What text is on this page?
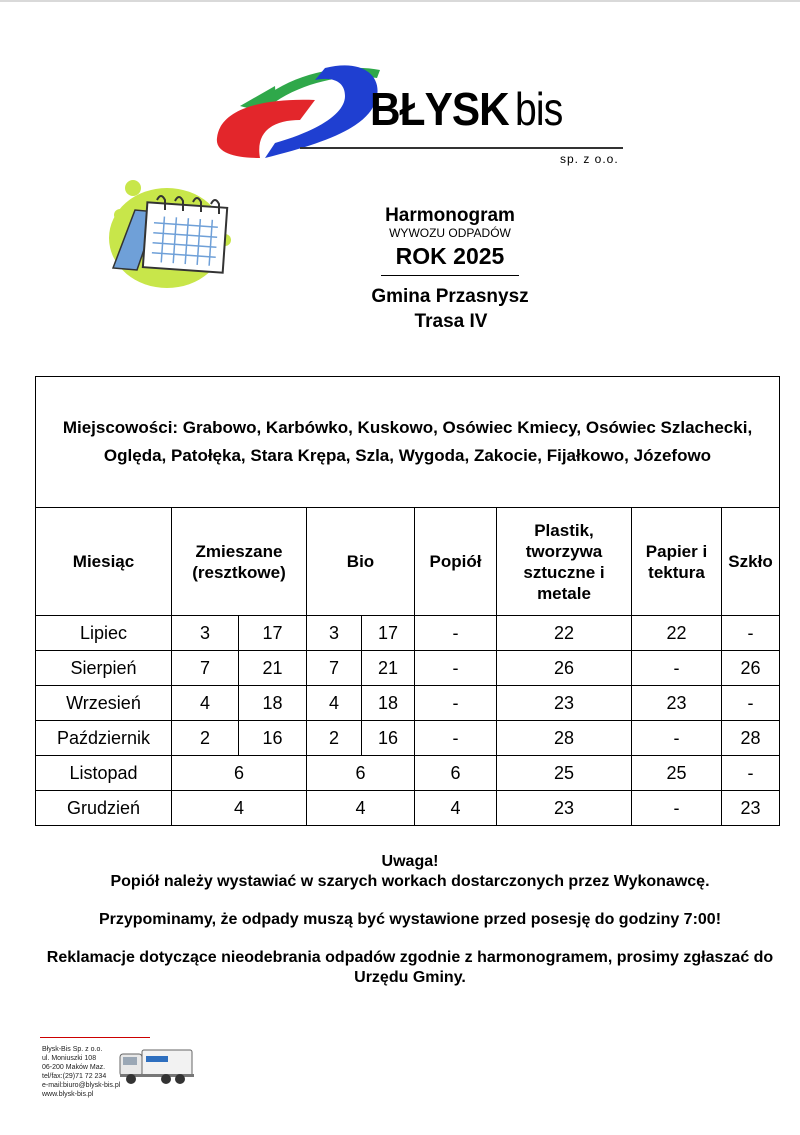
BŁYSK bis
sp. z o.o.
Harmonogram
WYWOZU ODPADÓW
ROK 2025
Gmina Przasnysz
Trasa IV
Miejscowości: Grabowo, Karbówko, Kuskowo, Osówiec Kmiecy, Osówiec Szlachecki, Oględa, Patołęka, Stara Krępa, Szla, Wygoda, Zakocie, Fijałkowo, Józefowo								
Miesiąc	Zmieszane (resztkowe)		Bio		Popiół	Plastik, tworzywa sztuczne i metale	Papier i tektura	Szkło
Lipiec	3	17	3	17	-	22	22	-
Sierpień	7	21	7	21	-	26	-	26
Wrzesień	4	18	4	18	-	23	23	-
Październik	2	16	2	16	-	28	-	28
Listopad	6		6		6	25	25	-
Grudzień	4		4		4	23	-	23

Uwaga!

Popiół należy wystawiać w szarych workach dostarczonych przez Wykonawcę.

Przypominamy, że odpady muszą być wystawione przed posesję do godziny 7:00!

Reklamacje dotyczące nieodebrania odpadów zgodnie z harmonogramem, prosimy zgłaszać do Urzędu Gminy.

Błysk-Bis Sp. z o.o.
ul. Moniuszki 108
06-200 Maków Maz.
tel/fax:(29)71 72 234
e-mail:biuro@blysk-bis.pl
www.blysk-bis.pl
